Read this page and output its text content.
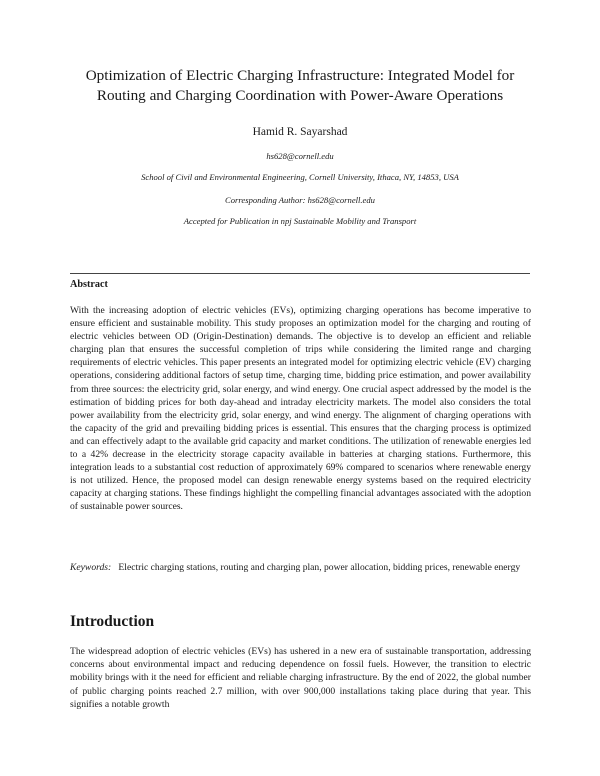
Optimization of Electric Charging Infrastructure: Integrated Model for
Routing and Charging Coordination with Power-Aware Operations
Hamid R. Sayarshad
hs628@cornell.edu
School of Civil and Environmental Engineering, Cornell University, Ithaca, NY, 14853, USA
Corresponding Author: hs628@cornell.edu
Accepted for Publication in npj Sustainable Mobility and Transport
Abstract

With the increasing adoption of electric vehicles (EVs), optimizing charging operations has become imperative to ensure efficient and sustainable mobility. This study proposes an optimization model for the charging and routing of electric vehicles between OD (Origin-Destination) demands. The objective is to develop an efficient and reliable charging plan that ensures the successful completion of trips while considering the limited range and charging requirements of electric vehicles. This paper presents an integrated model for optimizing electric vehicle (EV) charging operations, considering additional factors of setup time, charging time, bidding price estimation, and power availability from three sources: the electricity grid, solar energy, and wind energy. One crucial aspect addressed by the model is the estimation of bidding prices for both day-ahead and intraday electricity markets. The model also considers the total power availability from the electricity grid, solar energy, and wind energy. The alignment of charging operations with the capacity of the grid and prevailing bidding prices is essential. This ensures that the charging process is optimized and can effectively adapt to the available grid capacity and market conditions. The utilization of renewable energies led to a 42% decrease in the electricity storage capacity available in batteries at charging stations. Furthermore, this integration leads to a substantial cost reduction of approximately 69% compared to scenarios where renewable energy is not utilized. Hence, the proposed model can design renewable energy systems based on the required electricity capacity at charging stations. These findings highlight the compelling financial advantages associated with the adoption of sustainable power sources.

Keywords:  Electric charging stations, routing and charging plan, power allocation, bidding prices, renewable energy
Introduction

The widespread adoption of electric vehicles (EVs) has ushered in a new era of sustainable transportation, addressing concerns about environmental impact and reducing dependence on fossil fuels. However, the transition to electric mobility brings with it the need for efficient and reliable charging infrastructure. By the end of 2022, the global number of public charging points reached 2.7 million, with over 900,000 installations taking place during that year. This signifies a notable growth
